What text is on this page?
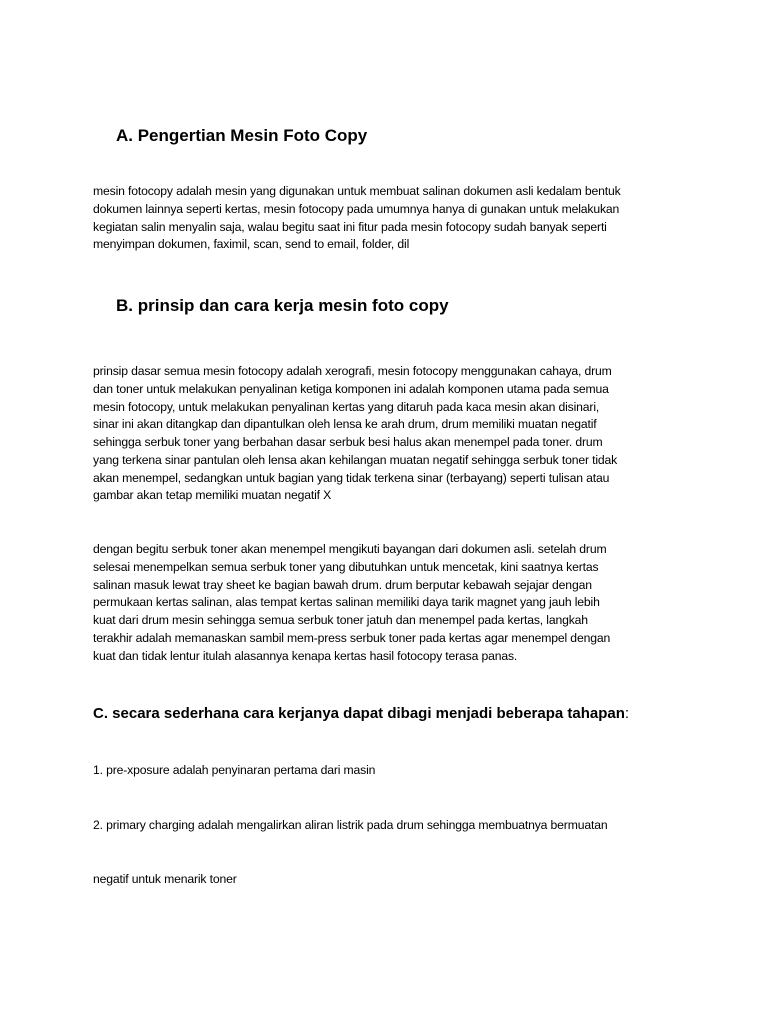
A. Pengertian Mesin Foto Copy

mesin fotocopy adalah mesin yang digunakan untuk membuat salinan dokumen asli kedalam bentuk
dokumen lainnya seperti kertas, mesin fotocopy pada umumnya hanya di gunakan untuk melakukan
kegiatan salin menyalin saja, walau begitu saat ini fitur pada mesin fotocopy sudah banyak seperti
menyimpan dokumen, faximil, scan, send to email, folder, dil

B. prinsip dan cara kerja mesin foto copy

prinsip dasar semua mesin fotocopy adalah xerografi, mesin fotocopy menggunakan cahaya, drum
dan toner untuk melakukan penyalinan ketiga komponen ini adalah komponen utama pada semua
mesin fotocopy, untuk melakukan penyalinan kertas yang ditaruh pada kaca mesin akan disinari,
sinar ini akan ditangkap dan dipantulkan oleh lensa ke arah drum, drum memiliki muatan negatif
sehingga serbuk toner yang berbahan dasar serbuk besi halus akan menempel pada toner. drum
yang terkena sinar pantulan oleh lensa akan kehilangan muatan negatif sehingga serbuk toner tidak
akan menempel, sedangkan untuk bagian yang tidak terkena sinar (terbayang) seperti tulisan atau
gambar akan tetap memiliki muatan negatif X

dengan begitu serbuk toner akan menempel mengikuti bayangan dari dokumen asli. setelah drum
selesai menempelkan semua serbuk toner yang dibutuhkan untuk mencetak, kini saatnya kertas
salinan masuk lewat tray sheet ke bagian bawah drum. drum berputar kebawah sejajar dengan
permukaan kertas salinan, alas tempat kertas salinan memiliki daya tarik magnet yang jauh lebih
kuat dari drum mesin sehingga semua serbuk toner jatuh dan menempel pada kertas, langkah
terakhir adalah memanaskan sambil mem-press serbuk toner pada kertas agar menempel dengan
kuat dan tidak lentur itulah alasannya kenapa kertas hasil fotocopy terasa panas.

C. secara sederhana cara kerjanya dapat dibagi menjadi beberapa tahapan:

1. pre-xposure adalah penyinaran pertama dari masin

2. primary charging adalah mengalirkan aliran listrik pada drum sehingga membuatnya bermuatan

negatif untuk menarik toner
